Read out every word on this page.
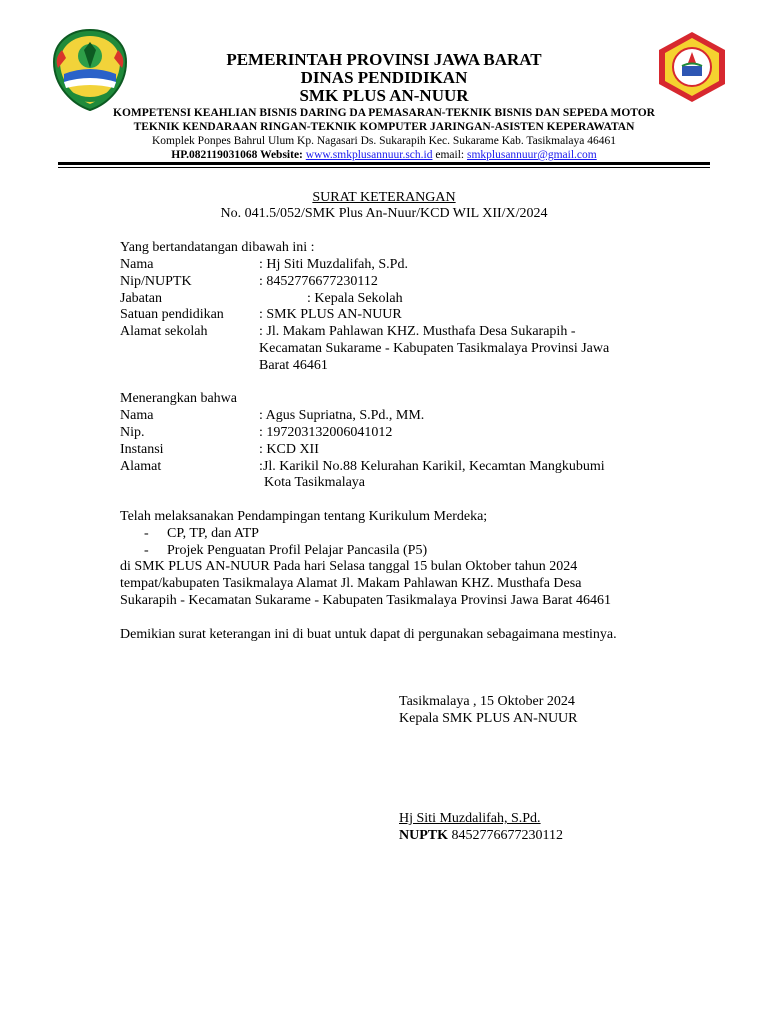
PEMERINTAH PROVINSI JAWA BARAT
DINAS PENDIDIKAN
SMK PLUS AN-NUUR
KOMPETENSI KEAHLIAN BISNIS DARING DA PEMASARAN-TEKNIK BISNIS DAN SEPEDA MOTOR
TEKNIK KENDARAAN RINGAN-TEKNIK KOMPUTER JARINGAN-ASISTEN KEPERAWATAN
Komplek Ponpes Bahrul Ulum Kp. Nagasari Ds. Sukarapih Kec. Sukarame Kab. Tasikmalaya 46461
HP.082119031068 Website: www.smkplusannuur.sch.id email: smkplusannuur@gmail.com
SURAT KETERANGAN
No. 041.5/052/SMK Plus An-Nuur/KCD WIL XII/X/2024
Yang bertandatangan dibawah ini :
Nama	: Hj Siti Muzdalifah, S.Pd.
Nip/NUPTK	: 8452776677230112
Jabatan	: Kepala Sekolah
Satuan pendidikan	: SMK PLUS AN-NUUR
Alamat sekolah	: Jl. Makam Pahlawan KHZ. Musthafa Desa Sukarapih -
Kecamatan Sukarame - Kabupaten Tasikmalaya Provinsi Jawa
Barat 46461
Menerangkan bahwa
Nama	: Agus Supriatna, S.Pd., MM.
Nip.	: 197203132006041012
Instansi	: KCD XII
Alamat	:Jl. Karikil No.88 Kelurahan Karikil, Kecamtan Mangkubumi
Kota Tasikmalaya
Telah melaksanakan Pendampingan tentang Kurikulum Merdeka;
- CP, TP, dan ATP
- Projek Penguatan Profil Pelajar Pancasila (P5)
di SMK PLUS AN-NUUR Pada hari Selasa tanggal 15 bulan Oktober tahun 2024
tempat/kabupaten Tasikmalaya Alamat Jl. Makam Pahlawan KHZ. Musthafa Desa
Sukarapih - Kecamatan Sukarame - Kabupaten Tasikmalaya Provinsi Jawa Barat 46461
Demikian surat keterangan ini di buat untuk dapat di pergunakan sebagaimana mestinya.
Tasikmalaya , 15 Oktober 2024
Kepala SMK PLUS AN-NUUR
Hj Siti Muzdalifah, S.Pd.
NUPTK 8452776677230112
